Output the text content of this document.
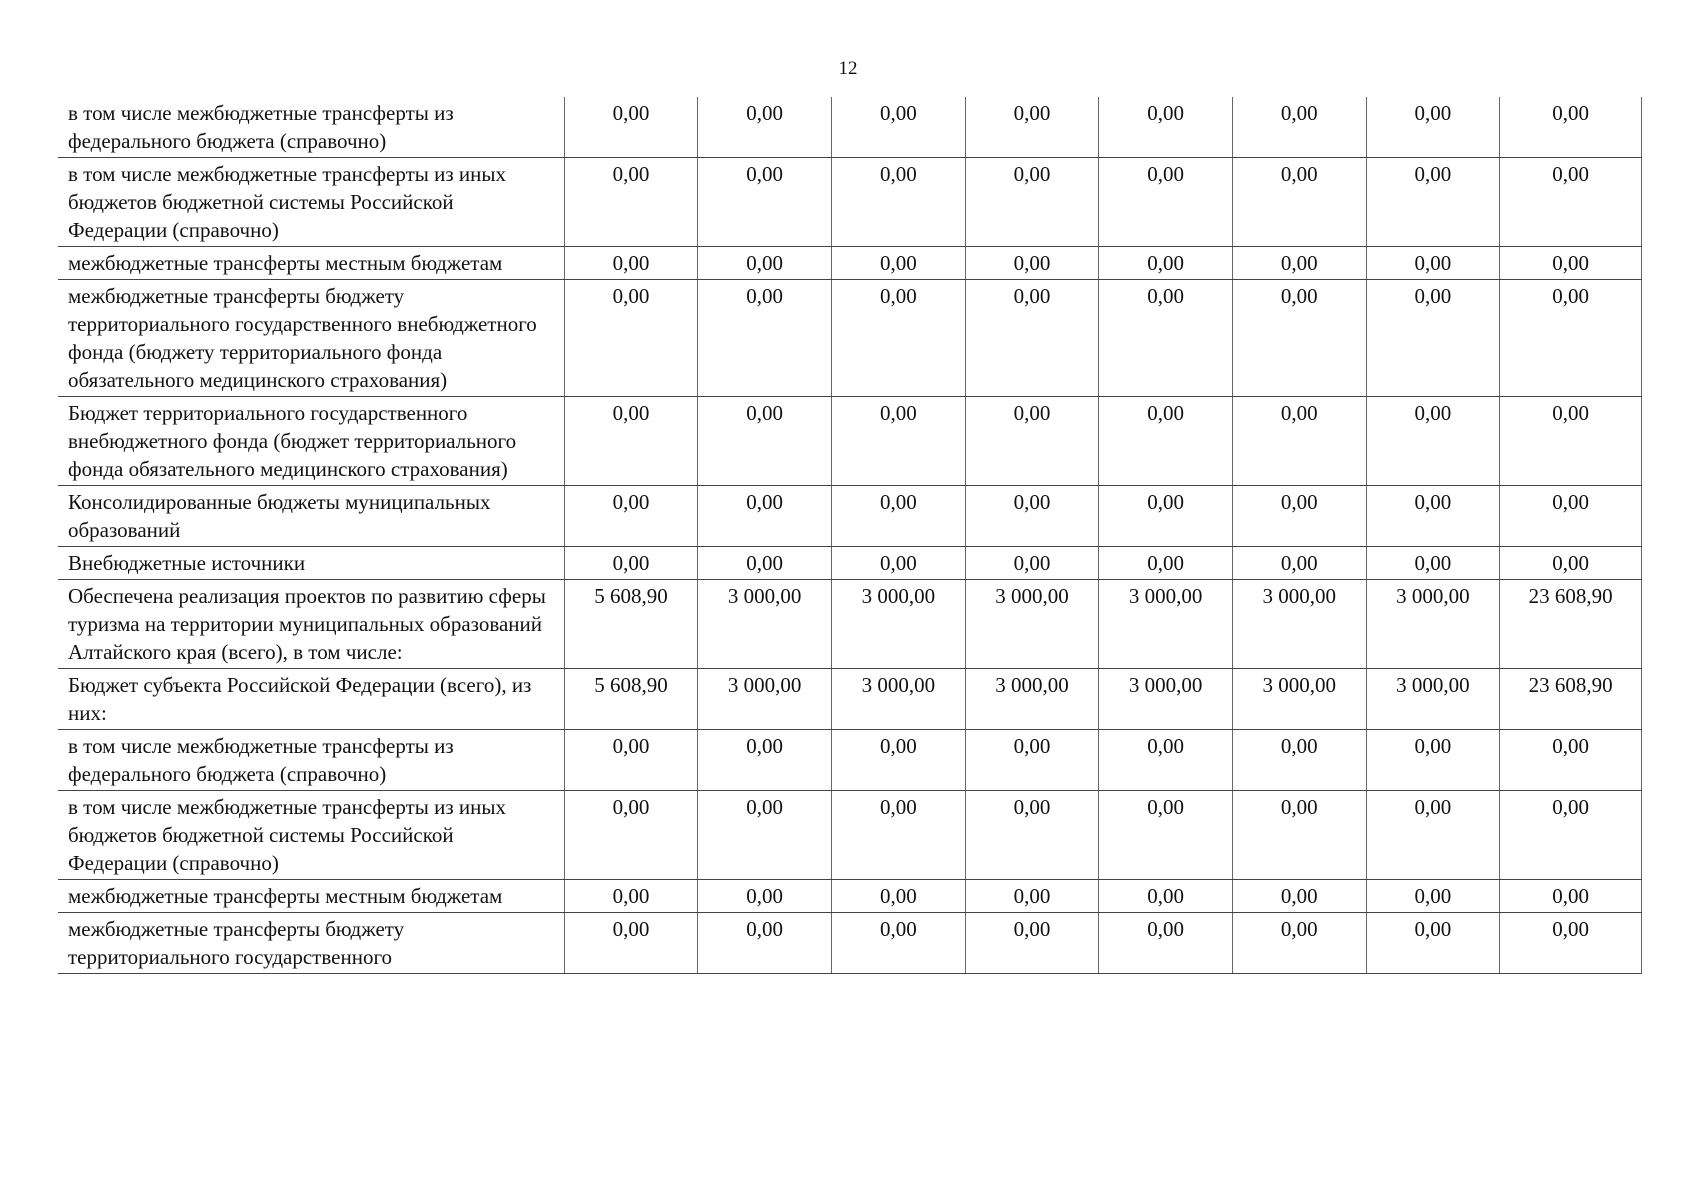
12
в том числе межбюджетные трансферты из федерального бюджета (справочно)	0,00	0,00	0,00	0,00	0,00	0,00	0,00	0,00
в том числе межбюджетные трансферты из иных бюджетов бюджетной системы Российской Федерации (справочно)	0,00	0,00	0,00	0,00	0,00	0,00	0,00	0,00
межбюджетные трансферты местным бюджетам	0,00	0,00	0,00	0,00	0,00	0,00	0,00	0,00
межбюджетные трансферты бюджету территориального государственного внебюджетного фонда (бюджету территориального фонда обязательного медицинского страхования)	0,00	0,00	0,00	0,00	0,00	0,00	0,00	0,00
Бюджет территориального государственного внебюджетного фонда (бюджет территориального фонда обязательного медицинского страхования)	0,00	0,00	0,00	0,00	0,00	0,00	0,00	0,00
Консолидированные бюджеты муниципальных образований	0,00	0,00	0,00	0,00	0,00	0,00	0,00	0,00
Внебюджетные источники	0,00	0,00	0,00	0,00	0,00	0,00	0,00	0,00
Обеспечена реализация проектов по развитию сферы туризма на территории муниципальных образований Алтайского края (всего), в том числе:	5 608,90	3 000,00	3 000,00	3 000,00	3 000,00	3 000,00	3 000,00	23 608,90
Бюджет субъекта Российской Федерации (всего), из них:	5 608,90	3 000,00	3 000,00	3 000,00	3 000,00	3 000,00	3 000,00	23 608,90
в том числе межбюджетные трансферты из федерального бюджета (справочно)	0,00	0,00	0,00	0,00	0,00	0,00	0,00	0,00
в том числе межбюджетные трансферты из иных бюджетов бюджетной системы Российской Федерации (справочно)	0,00	0,00	0,00	0,00	0,00	0,00	0,00	0,00
межбюджетные трансферты местным бюджетам	0,00	0,00	0,00	0,00	0,00	0,00	0,00	0,00
межбюджетные трансферты бюджету территориального государственного	0,00	0,00	0,00	0,00	0,00	0,00	0,00	0,00
